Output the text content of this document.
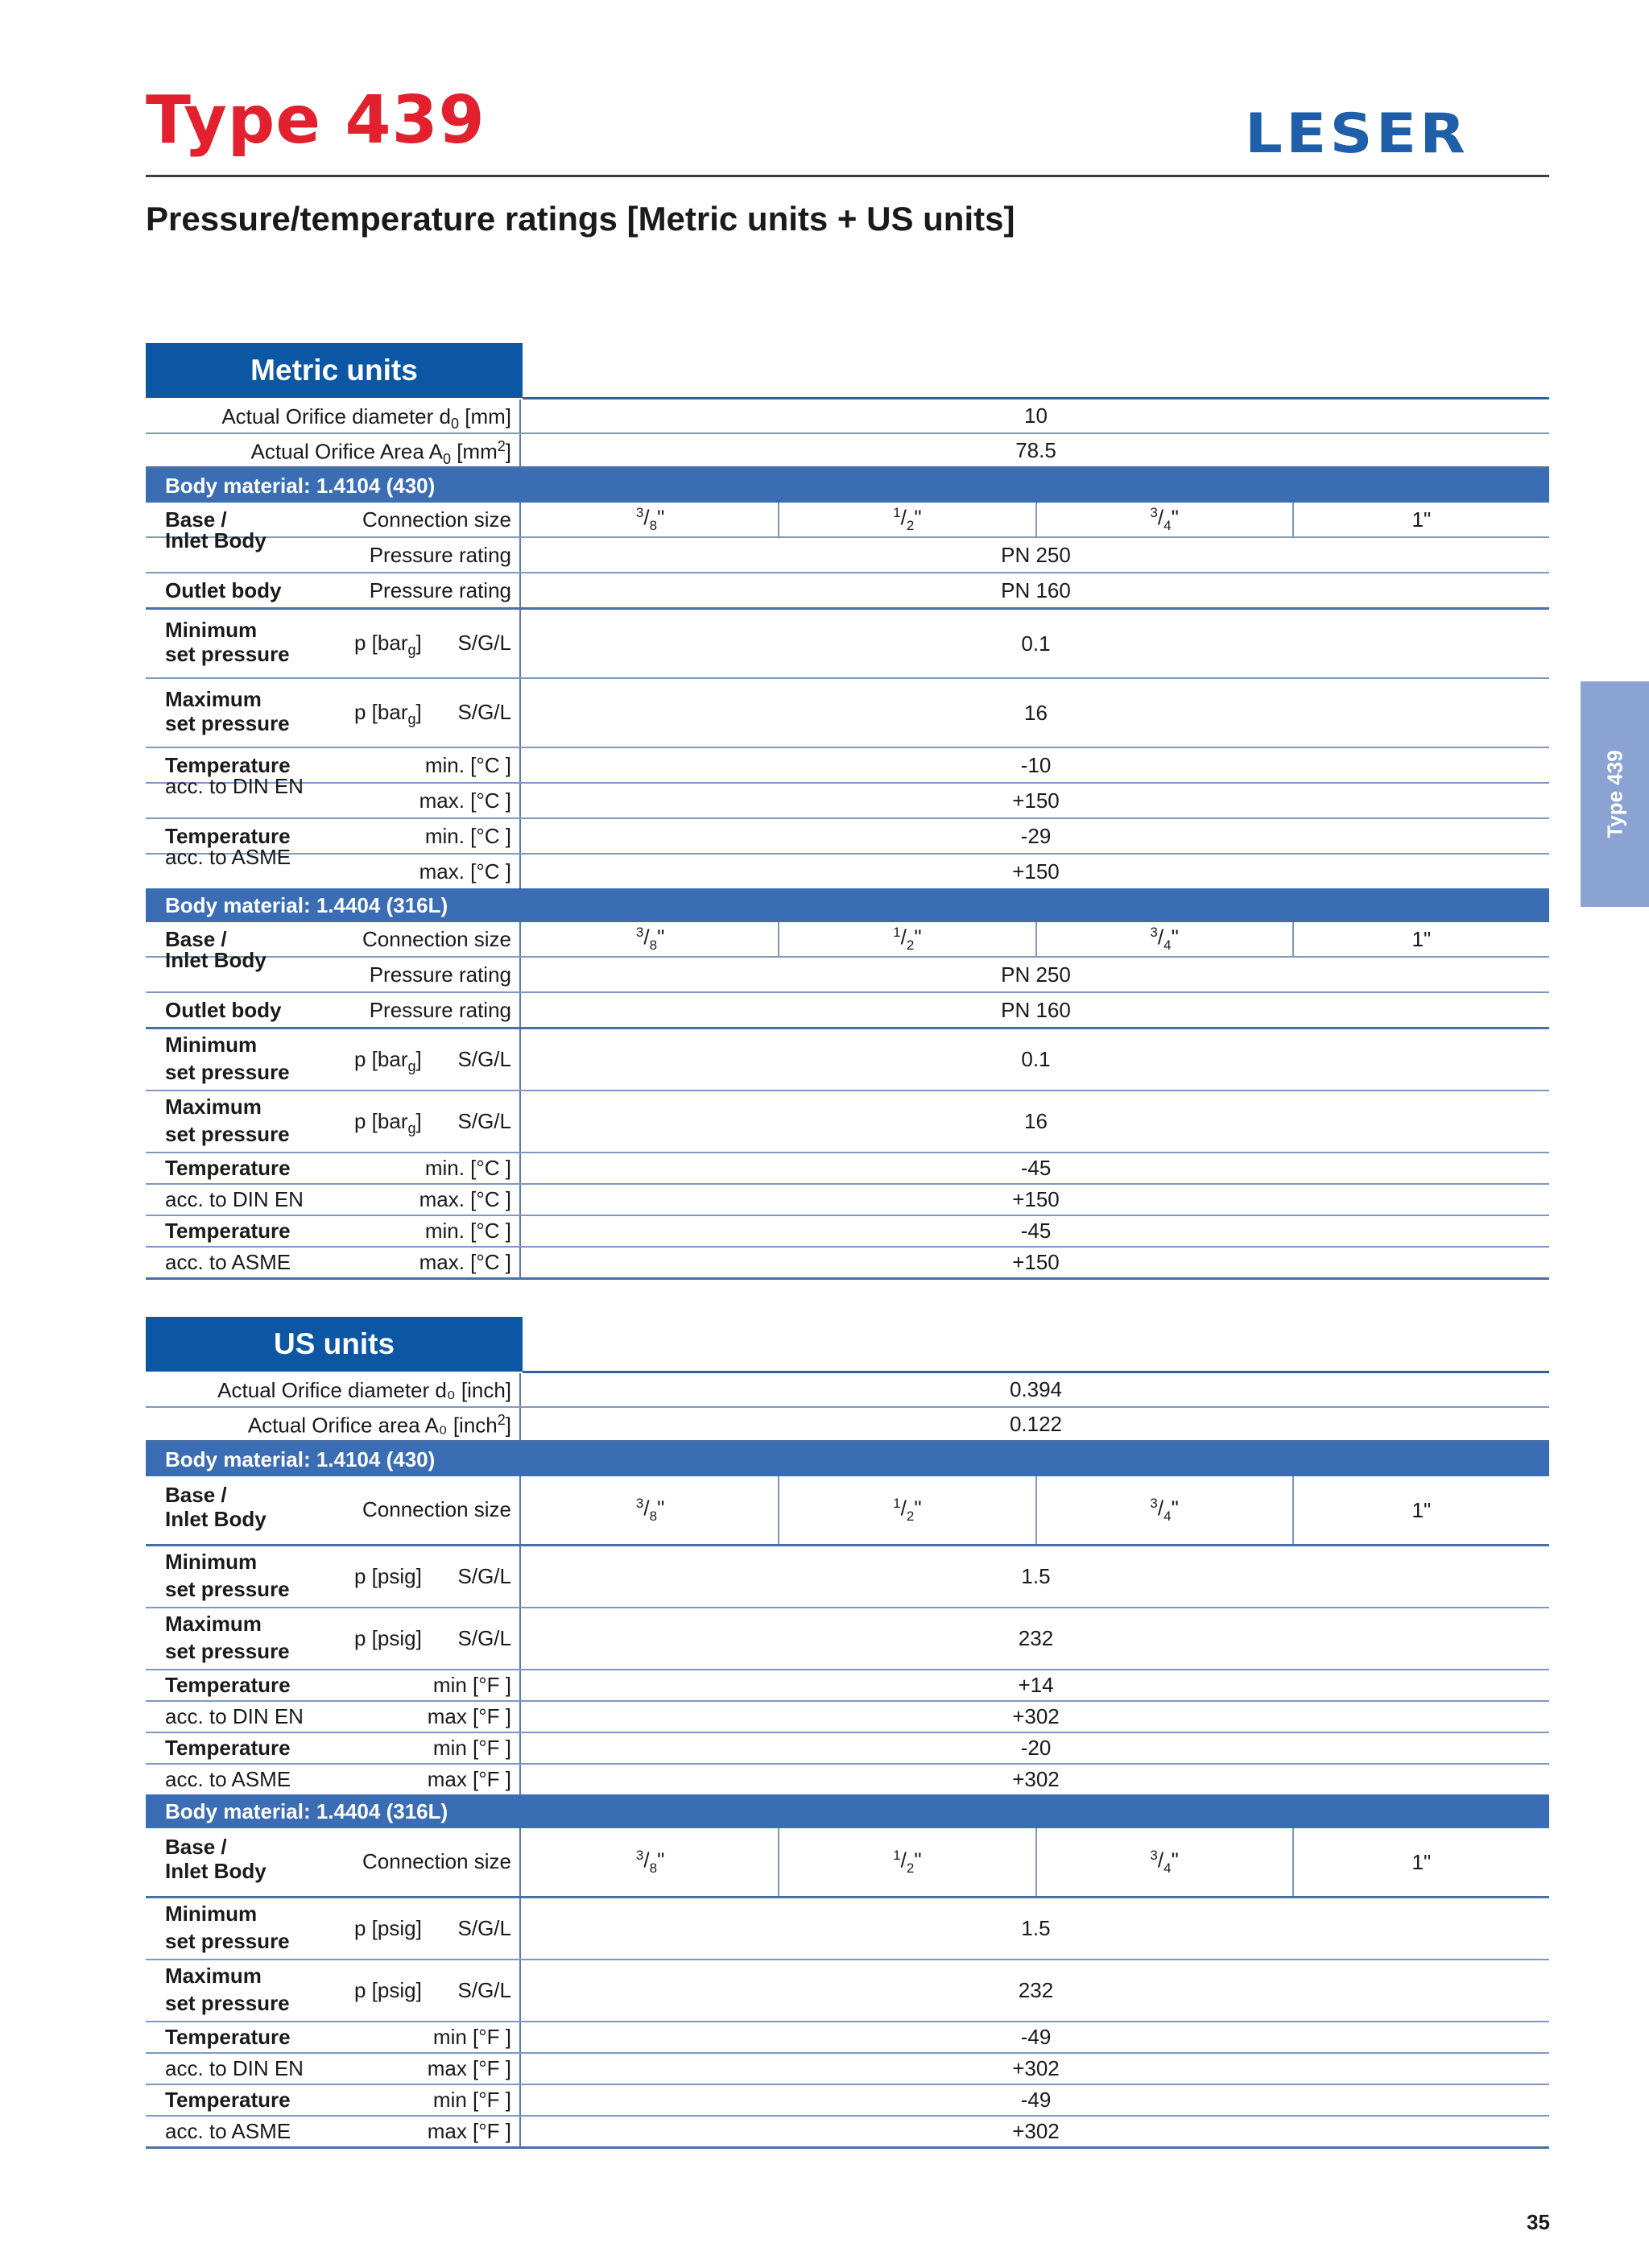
Type 439	LESER
Pressure/temperature ratings [Metric units + US units]
Type 439
Metric units
Actual Orifice diameter $d_0$ [mm]	10
Actual Orifice Area $A_0$ $[mm^2]$	78.5
Body material: 1.4104 (430)
Base /	Connection size	$^3/_8$"	$^1/_2$"	$^3/_4$"	1"
Inlet Body
Pressure rating	PN 250
Outlet body	Pressure rating	PN 160
Minimum
set pressure	p [bar$_g$] S/G/L	0.1
Maximum
set pressure	p [bar$_g$] S/G/L	16
Temperature	min. [°C ]	-10
acc. to DIN EN
max. [°C ]	+150
Temperature	min. [°C ]	-29
acc. to ASME
max. [°C ]	+150
Body material: 1.4404 (316L)
Base /	Connection size	$^3/_8$"	$^1/_2$"	$^3/_4$"	1"
Inlet Body
Pressure rating	PN 250
Outlet body	Pressure rating	PN 160
Minimum
set pressure
p [bar$_g$] S/G/L	0.1
Maximum
set pressure
p [bar$_g$] S/G/L	16
Temperature	min. [°C ]	-45
acc. to DIN EN	max. [°C ]	+150
Temperature	min. [°C ]	-45
acc. to ASME	max. [°C ]	+150
US units
Actual Orifice diameter d₀ [inch]	0.394
Actual Orifice area A₀ [inch$^2$]	0.122
Body material: 1.4104 (430)
Base /
Inlet Body	Connection size	$^3/_8$"	$^1/_2$"	$^3/_4$"	1"
Minimum
set pressure
p [psig] S/G/L	1.5
Maximum
set pressure
p [psig] S/G/L	232
Temperature	min [°F ]	+14
acc. to DIN EN	max [°F ]	+302
Temperature	min [°F ]	-20
acc. to ASME	max [°F ]	+302
Body material: 1.4404 (316L)
Base /
Inlet Body	Connection size	$^3/_8$"	$^1/_2$"	$^3/_4$"	1"
Minimum
set pressure
p [psig] S/G/L	1.5
Maximum
set pressure
p [psig] S/G/L	232
Temperature	min [°F ]	-49
acc. to DIN EN	max [°F ]	+302
Temperature	min [°F ]	-49
acc. to ASME	max [°F ]	+302
35
